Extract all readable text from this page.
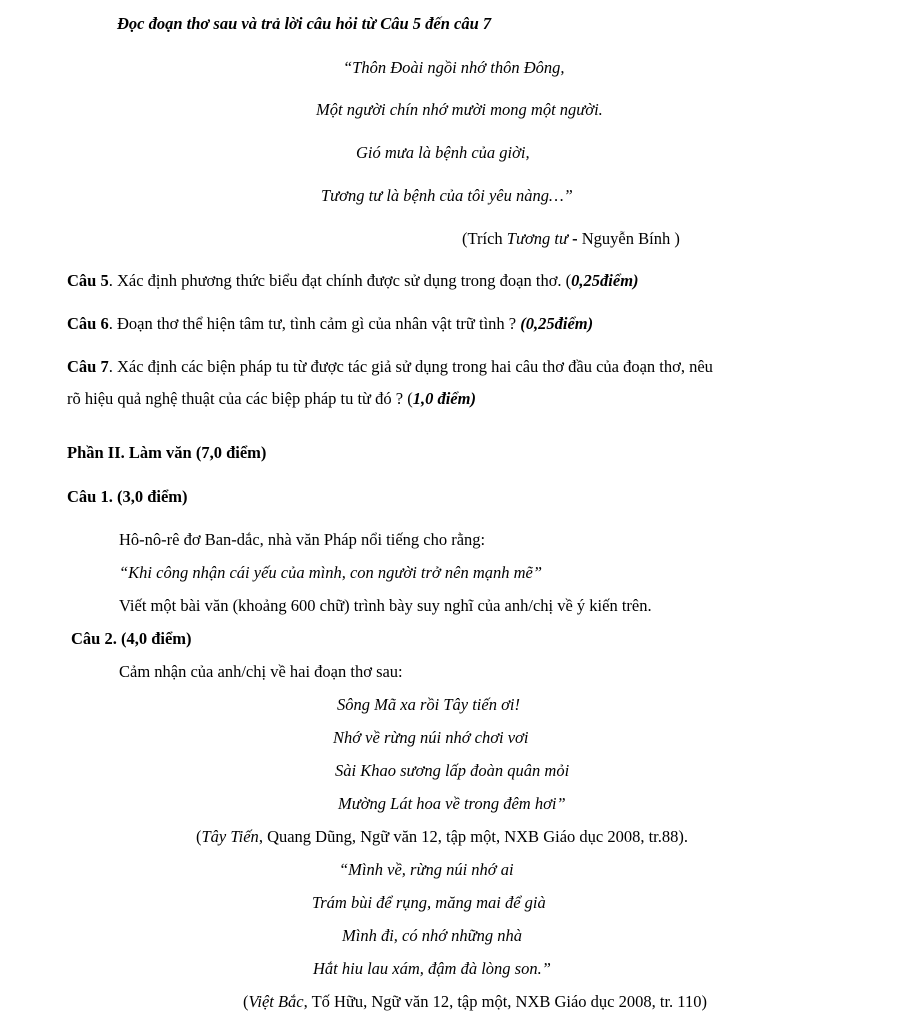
Đọc đoạn thơ sau và trả lời câu hỏi từ Câu 5 đến câu 7
“Thôn Đoài ngồi nhớ thôn Đông,
Một người chín nhớ mười mong một người.
Gió mưa là bệnh của giời,
Tương tư là bệnh của tôi yêu nàng…”
(Trích Tương tư - Nguyễn Bính )
Câu 5. Xác định phương thức biểu đạt chính được sử dụng trong đoạn thơ. (0,25điểm)
Câu 6. Đoạn thơ thể hiện tâm tư, tình cảm gì của nhân vật trữ tình ? (0,25điểm)
Câu 7. Xác định các biện pháp tu từ được tác giả sử dụng trong hai câu thơ đầu của đoạn thơ, nêu
rõ hiệu quả nghệ thuật của các biệp pháp tu từ đó ? (1,0 điểm)
Phần II. Làm văn (7,0 điểm)
Câu 1. (3,0 điểm)
Hô-nô-rê đơ Ban-dắc, nhà văn Pháp nổi tiếng cho rằng:
“Khi công nhận cái yếu của mình, con người trở nên mạnh mẽ”
Viết một bài văn (khoảng 600 chữ) trình bày suy nghĩ của anh/chị về ý kiến trên.
Câu 2. (4,0 điểm)
Cảm nhận của anh/chị về hai đoạn thơ sau:
Sông Mã xa rồi Tây tiến ơi!
Nhớ về rừng núi nhớ chơi vơi
Sài Khao sương lấp đoàn quân mỏi
Mường Lát hoa về trong đêm hơi”
(Tây Tiến, Quang Dũng, Ngữ văn 12, tập một, NXB Giáo dục 2008, tr.88).
“Mình về, rừng núi nhớ ai
Trám bùi để rụng, măng mai để già
Mình đi, có nhớ những nhà
Hắt hiu lau xám, đậm đà lòng son.”
(Việt Bắc, Tố Hữu, Ngữ văn 12, tập một, NXB Giáo dục 2008, tr. 110)
